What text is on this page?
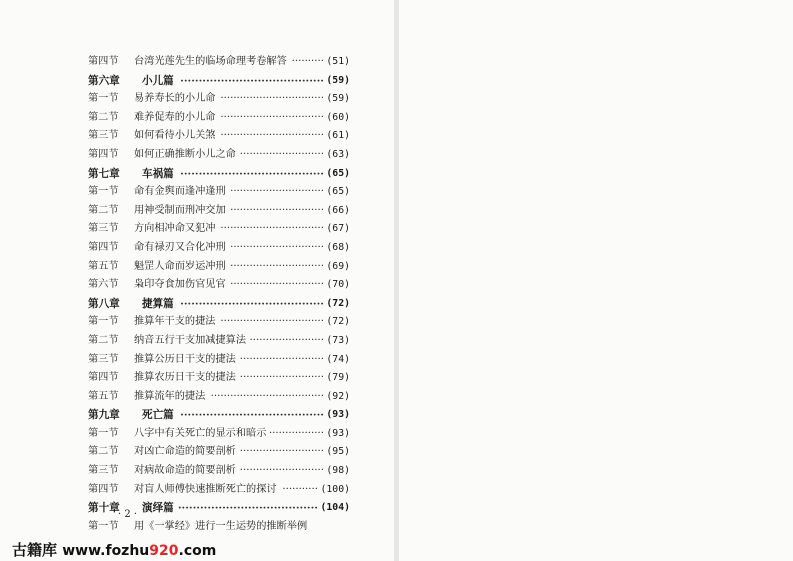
第四节 台湾光莲先生的临场命理考卷解答 ·········· (51)
第六章 小儿篇 ······································· (59)
第一节 易养寿长的小儿命 ································ (59)
第二节 难养促寿的小儿命 ································ (60)
第三节 如何看待小儿关煞 ································ (61)
第四节 如何正确推断小儿之命 ·························· (63)
第七章 车祸篇 ······································· (65)
第一节 命有金舆而逢冲逢刑 ····························· (65)
第二节 用神受制而刑冲交加 ····························· (66)
第三节 方向相冲命又犯冲 ································ (67)
第四节 命有禄刃又合化冲刑 ····························· (68)
第五节 魁罡人命而岁运冲刑 ····························· (69)
第六节 枭印夺食加伤官见官 ····························· (70)
第八章 捷算篇 ······································· (72)
第一节 推算年干支的捷法 ································ (72)
第二节 纳音五行干支加减捷算法 ······················· (73)
第三节 推算公历日干支的捷法 ·························· (74)
第四节 推算农历日干支的捷法 ·························· (79)
第五节 推算流年的捷法 ··································· (92)
第九章 死亡篇 ······································· (93)
第一节 八字中有关死亡的显示和暗示 ················· (93)
第二节 对凶亡命造的简要剖析 ·························· (95)
第三节 对病故命造的简要剖析 ·························· (98)
第四节 对盲人师傅快速推断死亡的探讨 ··········· (100)
第十章 演绎篇 ······································ (104)
第一节 用《一掌经》进行一生运势的推断举例
· 2 ·
古籍库 www.fozhu920.com
